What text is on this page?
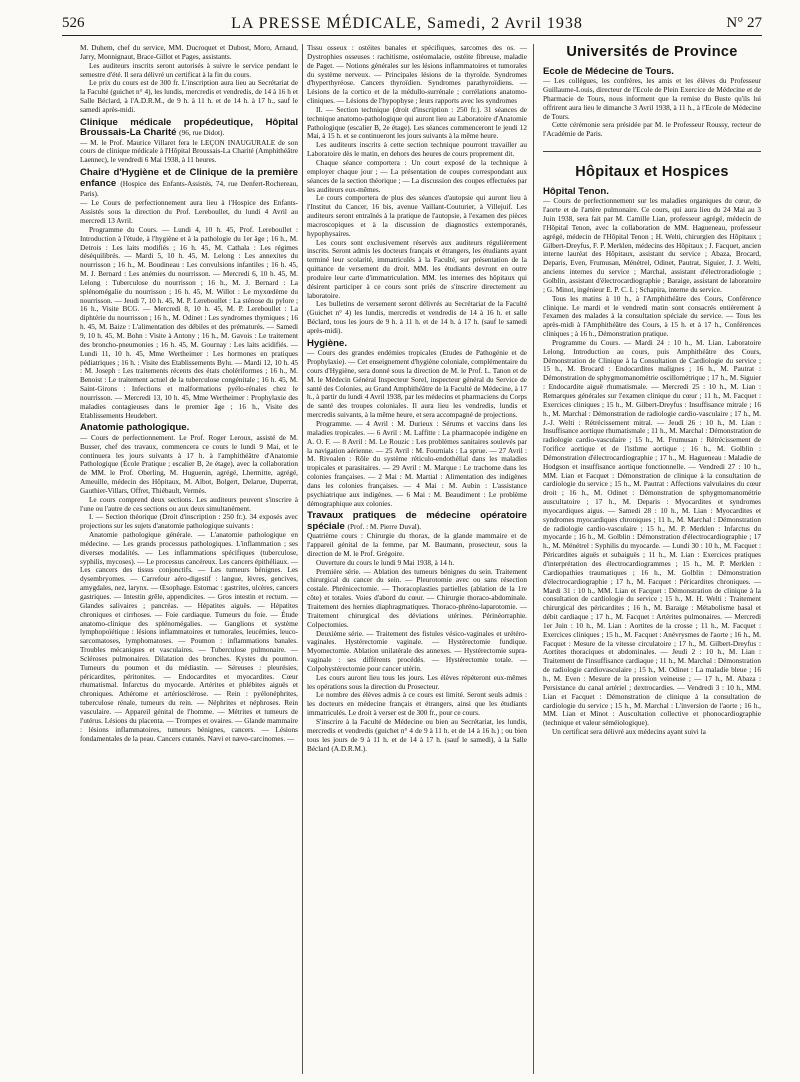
526	LA PRESSE MÉDICALE, Samedi, 2 Avril 1938	N° 27

M. Duhem, chef du service, MM. Ducroquet et Dubost, Moro, Arnaud, Jarry, Monnignaut, Brace-Gillot et Pages, assistants.

Les auditeurs inscrits seront autorisés à suivre le service pendant le semestre d'été. Il sera délivré un certificat à la fin du cours.

Le prix du cours est de 300 fr. L'inscription aura lieu au Secrétariat de la Faculté (guichet n° 4), les lundis, mercredis et vendredis, de 14 à 16 h et Salle Béclard, à l'A.D.R.M., de 9 h. à 11 h. et de 14 h. à 17 h., sauf le samedi après-midi.

Clinique médicale propédeutique, Hôpital Broussais-La Charité (96, rue Didot).

— M. le Prof. Maurice Villaret fera le LEÇON INAUGURALE de son cours de clinique médicale à l'Hôpital Broussais-La Charité (Amphithéâtre Laennec), le vendredi 6 Mai 1938, à 11 heures.

Chaire d'Hygiène et de Clinique de la première enfance (Hospice des Enfants-Assistés, 74, rue Denfert-Rochereau, Paris).

— Le Cours de perfectionnement aura lieu à l'Hospice des Enfants-Assistés sous la direction du Prof. Lereboullet, du lundi 4 Avril au mercredi 13 Avril.

Programme du Cours. — Lundi 4, 10 h. 45, Prof. Lereboullet : Introduction à l'étude, à l'hygiène et à la pathologie du 1er âge ; 16 h., M. Detrois : Les laits modifiés ; 16 h. 45, M. Cathala : Les régimes déséquilibrés. — Mardi 5, 10 h. 45, M. Lelong : Les annexites du nourrisson ; 16 h., M. Boudineau : Les convulsions infantiles ; 16 h. 45, M. J. Bernard : Les anémies du nourrisson. — Mercredi 6, 10 h. 45, M. Lelong : Tuberculose du nourrisson ; 16 h., M. J. Bernard : La splénomégalie du nourrisson ; 16 h. 45, M. Willot : Le myxœdème du nourrisson. — Jeudi 7, 10 h. 45, M. P. Lereboullet : La sténose du pylore ; 16 h., Visite BCG. — Mercredi 8, 10 h. 45, M. P. Lereboullet : La diphtérie du nourrisson ; 16 h., M. Odinet : Les syndromes thymiques ; 16 h. 45, M. Baize : L'alimentation des débiles et des prématurés. — Samedi 9, 10 h. 45, M. Bohn : Visite à Antony ; 16 h., M. Gavois : Le traitement des broncho-pneumonies ; 16 h. 45, M. Gournay : Les laits acidifiés. — Lundi 11, 10 h. 45, Mme Wertheimer : Les hormones en pratiques pédiatriques ; 16 h. : Visite des Etablissements Bylu. — Mardi 12, 10 h. 45 : M. Joseph : Les traitements récents des états cholériformes ; 16 h., M. Benoist : Le traitement actuel de la tuberculose congénitale ; 16 h. 45, M. Saint-Girons : Infections et malformations pyélo-rénales chez le nourrisson. — Mercredi 13, 10 h. 45, Mme Wertheimer : Prophylaxie des maladies contagieuses dans le premier âge ; 16 h., Visite des Etablissements Heudebert.

Anatomie pathologique.

— Cours de perfectionnement. Le Prof. Roger Leroux, assisté de M. Busser, chef des travaux, commencera ce cours le lundi 9 Mai, et le continuera les jours suivants à 17 h. à l'amphithéâtre d'Anatomie Pathologique (École Pratique ; escalier B, 2e étage), avec la collaboration de MM. le Prof. Oberling, M. Huguenin, agrégé, Lhermitte, agrégé, Ameuille, médecin des Hôpitaux, M. Albot, Bolgert, Delarue, Duperrat, Gauthier-Villars, Offret, Thiébault, Vermès.

Le cours comprend deux sections. Les auditeurs peuvent s'inscrire à l'une ou l'autre de ces sections ou aux deux simultanément.

I. — Section théorique (Droit d'inscription : 250 fr.). 34 exposés avec projections sur les sujets d'anatomie pathologique suivants :

Anatomie pathologique générale. — L'anatomie pathologique en médecine. — Les grands processus pathologiques. L'inflammation ; ses diverses modalités. — Les inflammations spécifiques (tuberculose, syphilis, mycoses). — Le processus cancéreux. Les cancers épithéliaux. — Les cancers des tissus conjonctifs. — Les tumeurs bénignes. Les dysembryomes. — Carrefour aéro-digestif : langue, lèvres, gencives, amygdales, nez, larynx. — Œsophage. Estomac : gastrites, ulcères, cancers gastriques. — Intestin grêle, appendicites. — Gros intestin et rectum. — Glandes salivaires ; pancréas. — Hépatites aiguës. — Hépatites chroniques et cirrhoses. — Foie cardiaque. Tumeurs du foie. — Étude anatomo-clinique des splénomégalies. — Ganglions et système lymphopoïétique : lésions inflammatoires et tumorales, leucémies, leuco-sarcomatoses, lymphomatoses. — Poumon : inflammations banales. Troubles mécaniques et vasculaires. — Tuberculose pulmonaire. — Scléroses pulmonaires. Dilatation des bronches. Kystes du poumon. Tumeurs du poumon et du médiastin. — Séreuses : pleurésies, péricardites, péritonites. — Endocardites et myocardites. Cœur rhumatismal. Infarctus du myocarde. Artérites et phlébites aiguës et chroniques. Athérome et artériosclérose. — Rein : pyélonéphrites, tuberculose rénale, tumeurs du rein. — Néphrites et néphroses. Rein vasculaire. — Appareil génital de l'homme. — Métrites et tumeurs de l'utérus. Lésions du placenta. — Trompes et ovaires. — Glande mammaire : lésions inflammatoires, tumeurs bénignes, cancers. — Lésions fondamentales de la peau. Cancers cutanés. Nævi et nævo-carcinomes. —

Tissu osseux : ostéites banales et spécifiques, sarcomes des os. — Dystrophies osseuses : rachitisme, ostéomalacie, ostéite fibreuse, maladie de Paget. — Notions générales sur les lésions inflammatoires et tumorales du système nerveux. — Principales lésions de la thyroïde. Syndromes d'hyperthyréose. Cancers thyroïdien. Syndromes parathyroïdiens. — Lésions de la cortico et de la médullo-surrénale ; corrélations anatomo-cliniques. — Lésions de l'hypophyse ; leurs rapports avec les syndromes

II. — Section technique (droit d'inscription : 250 fr.). 31 séances de technique anatomo-pathologique qui auront lieu au Laboratoire d'Anatomie Pathologique (escalier B, 2e étage). Les séances commenceront le jeudi 12 Mai, à 15 h. et se continueront les jours suivants à la même heure.

Les auditeurs inscrits à cette section technique pourront travailler au Laboratoire dès le matin, en dehors des heures de cours proprement dit.

Chaque séance comportera : Un court exposé de la technique à employer chaque jour ; — La présentation de coupes correspondant aux séances de la section théorique ; — La discussion des coupes effectuées par les auditeurs eux-mêmes.

Le cours comportera de plus des séances d'autopsie qui auront lieu à l'Institut du Cancer, 16 bis, avenue Vaillant-Couturier, à Villejuif. Les auditeurs seront entraînés à la pratique de l'autopsie, à l'examen des pièces macroscopiques et à la discussion de diagnostics extemporanés, hypophysaires.

Les cours sont exclusivement réservés aux auditeurs régulièrement inscrits. Seront admis les docteurs français et étrangers, les étudiants ayant terminé leur scolarité, immatriculés à la Faculté, sur présentation de la quittance de versement du droit. MM. les étudiants devront en outre produire leur carte d'immatriculation. MM. les internes des hôpitaux qui désirent participer à ce cours sont priés de s'inscrire directement au laboratoire.

Les bulletins de versement seront délivrés au Secrétariat de la Faculté (Guichet n° 4) les lundis, mercredis et vendredis de 14 à 16 h. et salle Béclard, tous les jours de 9 h. à 11 h. et de 14 h. à 17 h. (sauf le samedi après-midi).

Hygiène.

— Cours des grandes endémies tropicales (Etudes de Pathogénie et de Prophylaxie). — Cet enseignement d'hygiène coloniale, complémentaire du cours d'Hygiène, sera donné sous la direction de M. le Prof. L. Tanon et de M. le Médecin Général Inspecteur Sorel, inspecteur général du Service de santé des Colonies, au Grand Amphithéâtre de la Faculté de Médecine, à 17 h., à partir du lundi 4 Avril 1938, par les médecins et pharmaciens du Corps de santé des troupes coloniales. Il aura lieu les vendredis, lundis et mercredis suivants, à la même heure, et sera accompagné de projections.

Programme. — 4 Avril : M. Durieux : Sérums et vaccins dans les maladies tropicales. — 6 Avril : M. Laffitte : La pharmacopée indigène en A. O. F. — 8 Avril : M. Le Rouzic : Les problèmes sanitaires soulevés par la navigation aérienne. — 25 Avril : M. Fournials : La sprue. — 27 Avril : M. Rivoalen : Rôle du système réticulo-endothélial dans les maladies tropicales et parasitaires. — 29 Avril : M. Marque : Le trachome dans les colonies françaises. — 2 Mai : M. Martial : Alimentation des indigènes dans les colonies françaises. — 4 Mai : M. Aubin : L'assistance psychiatrique aux indigènes. — 6 Mai : M. Beaudiment : Le problème démographique aux colonies.

Travaux pratiques de médecine opératoire spéciale (Prof. : M. Pierre Duval).

Quatrième cours : Chirurgie du thorax, de la glande mammaire et de l'appareil génital de la femme, par M. Baumann, prosecteur, sous la direction de M. le Prof. Grégoire.

Ouverture du cours le lundi 9 Mai 1938, à 14 h.

Première série. — Ablation des tumeurs bénignes du sein. Traitement chirurgical du cancer du sein. — Pleurotomie avec ou sans résection costale. Phrénicectomie. — Thoracoplasties partielles (ablation de la 1re côte) et totales. Voies d'abord du cœur. — Chirurgie thoraco-abdominale. Traitement des hernies diaphragmatiques. Thoraco-phréno-laparotomie. — Traitement chirurgical des déviations utérines. Périnéorraphie. Colpectomies.

Deuxième série. — Traitement des fistules vésico-vaginales et urétéro-vaginales. Hystérectomie vaginale. — Hystérectomie fundique. Myomectomie. Ablation unilatérale des annexes. — Hystérectomie supra-vaginale : ses différents procédés. — Hystérectomie totale. — Colpohystérectomie pour cancer utérin.

Les cours auront lieu tous les jours. Les élèves répéteront eux-mêmes les opérations sous la direction du Prosecteur.

Le nombre des élèves admis à ce cours est limité. Seront seuls admis : les docteurs en médecine français et étrangers, ainsi que les étudiants immatriculés. Le droit à verser est de 300 fr., pour ce cours.

S'inscrire à la Faculté de Médecine ou bien au Secrétariat, les lundis, mercredis et vendredis (guichet n° 4 de 9 à 11 h. et de 14 à 16 h.) ; ou bien tous les jours de 9 à 11 h. et de 14 à 17 h. (sauf le samedi), à la Salle Béclard (A.D.R.M.).

Universités de Province
Ecole de Médecine de Tours.

— Les collègues, les confrères, les amis et les élèves du Professeur Guillaume-Louis, directeur de l'Ecole de Plein Exercice de Médecine et de Pharmacie de Tours, nous informent que la remise du Buste qu'ils lui offrirent aura lieu le dimanche 3 Avril 1938, à 11 h., à l'Ecole de Médecine de Tours.

Cette cérémonie sera présidée par M. le Professeur Roussy, recteur de l'Académie de Paris.

Hôpitaux et Hospices
Hôpital Tenon.

— Cours de perfectionnement sur les maladies organiques du cœur, de l'aorte et de l'artère pulmonaire. Ce cours, qui aura lieu du 24 Mai au 3 Juin 1938, sera fait par M. Camille Lian, professeur agrégé, médecin de l'Hôpital Tenon, avec la collaboration de MM. Hagueneau, professeur agrégé, médecin de l'Hôpital Tenon ; H. Welti, chirurgien des Hôpitaux ; Gilbert-Dreyfus, F. P. Merklen, médecins des Hôpitaux ; J. Facquet, ancien interne lauréat des Hôpitaux, assistant du service ; Abaza, Brocard, Deparis, Even, Frumusan, Ménétrel, Odinet, Pautrat, Siguier, J. J. Welti, anciens internes du service ; Marchal, assistant d'électroradiologie ; Golblin, assistant d'électrocardiographie ; Baraige, assistant de laboratoire ; G. Minot, ingénieur E. P. C. I. ; Schapira, interne du service.

Tous les matins à 10 h., à l'Amphithéâtre des Cours, Conférence clinique. Le mardi et le vendredi matin sont consacrés entièrement à l'examen des malades à la consultation spéciale du service. — Tous les après-midi à l'Amphithéâtre des Cours, à 15 h. et à 17 h., Conférences cliniques ; à 16 h., Démonstration pratique.

Programme du Cours. — Mardi 24 : 10 h., M. Lian. Laboratoire Lelong. Introduction au cours, puis Amphithéâtre des Cours, Démonstration de Clinique à la Consultation de Cardiologie du service ; 15 h., M. Brocard : Endocardites malignes ; 16 h., M. Pautrat : Démonstration de sphygmomanométrie oscillométrique ; 17 h., M. Siguier : Endocardite aiguë rhumatismale. — Mercredi 25 : 10 h., M. Lian : Remarques générales sur l'examen clinique du cœur ; 11 h., M. Facquet : Exercices cliniques ; 15 h., M. Gilbert-Dreyfus : Insuffisance mitrale ; 16 h., M. Marchal : Démonstration de radiologie cardio-vasculaire ; 17 h., M. J.-J. Welti : Rétrécissement mitral. — Jeudi 26 : 10 h., M. Lian : Insuffisance aortique rhumatismale ; 11 h., M. Marchal : Démonstration de radiologie cardio-vasculaire ; 15 h., M. Frumusan : Rétrécissement de l'orifice aortique et de l'isthme aortique ; 16 h., M. Golblin : Démonstration d'électrocardiographie ; 17 h., M. Hagueneau : Maladie de Hodgson et insuffisance aortique fonctionnelle. — Vendredi 27 : 10 h., MM. Lian et Facquet : Démonstration de clinique à la consultation de cardiologie du service ; 15 h., M. Pautrat : Affections valvulaires du cœur droit ; 16 h., M. Odinet : Démonstration de sphygmomanométrie auscultatoire ; 17 h., M. Deparis : Myocardites et syndromes myocardiques aigus. — Samedi 28 : 10 h., M. Lian : Myocardites et syndromes myocardiques chroniques ; 11 h., M. Marchal : Démonstration de radiologie cardio-vasculaire ; 15 h., M. P. Merklen : Infarctus du myocarde ; 16 h., M. Golblin : Démonstration d'électrocardiographie ; 17 h., M. Ménétrel : Syphilis du myocarde. — Lundi 30 : 10 h., M. Facquet : Péricardites aiguës et subaiguës ; 11 h., M. Lian : Exercices pratiques d'interprétation des électrocardiogrammes ; 15 h., M. P. Merklen : Cardiopathies traumatiques ; 16 h., M. Golblin : Démonstration d'électrocardiographie ; 17 h., M. Facquet : Péricardites chroniques. — Mardi 31 : 10 h., MM. Lian et Facquet : Démonstration de clinique à la consultation de cardiologie du service ; 15 h., M. H. Welti : Traitement chirurgical des péricardites ; 16 h., M. Baraige : Métabolisme basal et débit cardiaque ; 17 h., M. Facquet : Artérites pulmonaires. — Mercredi 1er Juin : 10 h., M. Lian : Aortites de la crosse ; 11 h., M. Facquet : Exercices cliniques ; 15 h., M. Facquet : Anévrysmes de l'aorte ; 16 h., M. Facquet : Mesure de la vitesse circulatoire ; 17 h., M. Gilbert-Dreyfus : Aortites thoraciques et abdominales. — Jeudi 2 : 10 h., M. Lian : Traitement de l'insuffisance cardiaque ; 11 h., M. Marchal : Démonstration de radiologie cardiovasculaire ; 15 h., M. Odinet : La maladie bleue ; 16 h., M. Even : Mesure de la pression veineuse ; — 17 h., M. Abaza : Persistance du canal artériel ; dextrocardies. — Vendredi 3 : 10 h., MM. Lian et Facquet : Démonstration de clinique à la consultation de cardiologie du service ; 15 h., M. Marchal : L'inversion de l'aorte ; 16 h., MM. Lian et Minot : Auscultation collective et phonocardiographie (technique et valeur séméiologique).

Un certificat sera délivré aux médecins ayant suivi la
